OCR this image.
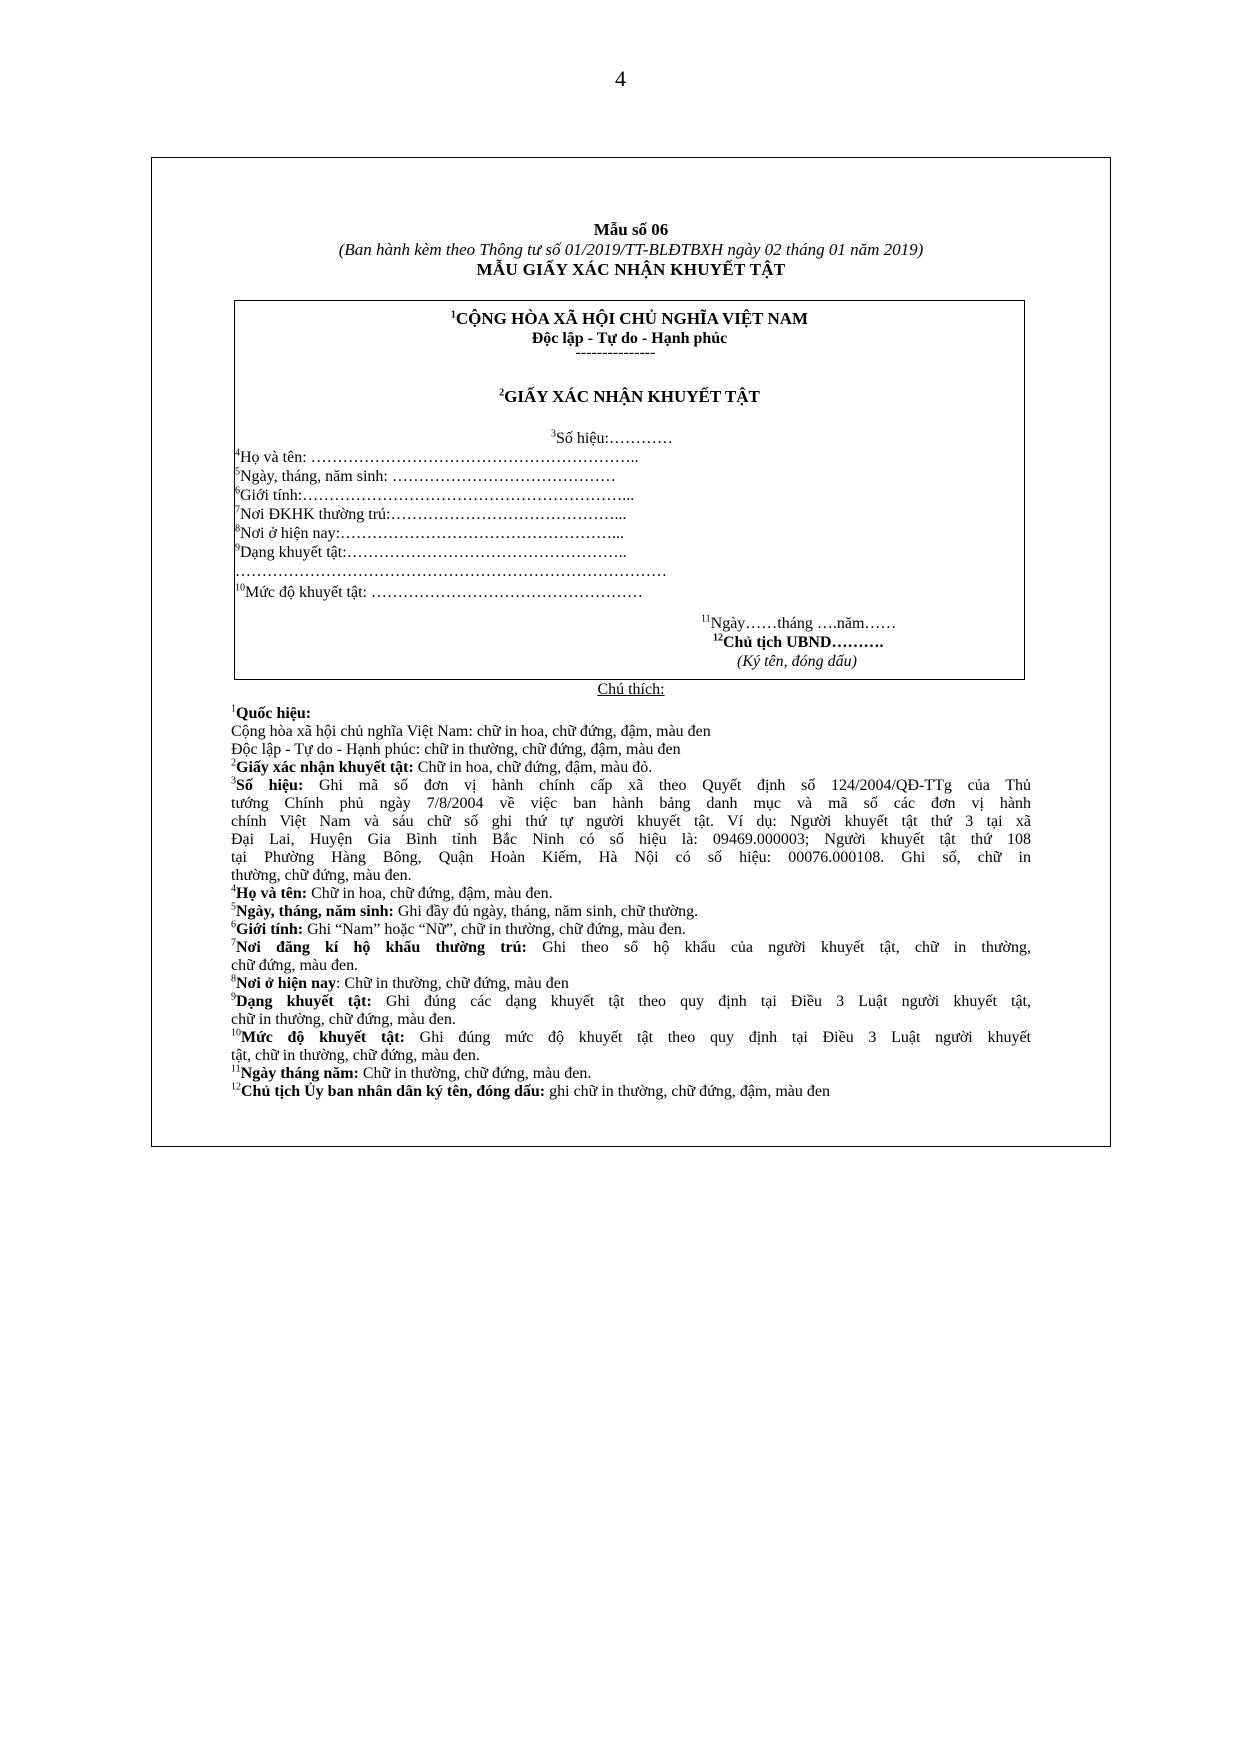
4
Mẫu số 06
(Ban hành kèm theo Thông tư số 01/2019/TT-BLĐTBXH ngày 02 tháng 01 năm 2019)
MẪU GIẤY XÁC NHẬN KHUYẾT TẬT
$^1$CỘNG HÒA XÃ HỘI CHỦ NGHĨA VIỆT NAM
Độc lập - Tự do - Hạnh phúc
---------------
$^2$GIẤY XÁC NHẬN KHUYẾT TẬT
$^3$Số hiệu:…………
$^4$Họ và tên: ……………………………………………………..
$^5$Ngày, tháng, năm sinh: ……………………………………
$^6$Giới tính:……………………………………………………...
$^7$Nơi ĐKHK thường trú:……………………………………...
$^8$Nơi ở hiện nay:……………………………………………...
$^9$Dạng khuyết tật:……………………………………………..
………………………………………………………………………
$^{10}$Mức độ khuyết tật: ……………………………………………
$^{11}$Ngày……tháng ….năm……
$^{12}$Chủ tịch UBND……….
(Ký tên, đóng dấu)
Chú thích:
$^1$Quốc hiệu:
Cộng hòa xã hội chủ nghĩa Việt Nam: chữ in hoa, chữ đứng, đậm, màu đen
Độc lập - Tự do - Hạnh phúc: chữ in thường, chữ đứng, đậm, màu đen
$^2$Giấy xác nhận khuyết tật: Chữ in hoa, chữ đứng, đậm, màu đỏ.
$^3$Số hiệu: Ghi mã số đơn vị hành chính cấp xã theo Quyết định số 124/2004/QĐ-TTg của Thủ
tướng Chính phủ ngày 7/8/2004 về việc ban hành bảng danh mục và mã số các đơn vị hành
chính Việt Nam và sáu chữ số ghi thứ tự người khuyết tật. Ví dụ: Người khuyết tật thứ 3 tại xã
Đại Lai, Huyện Gia Bình tỉnh Bắc Ninh có số hiệu là: 09469.000003; Người khuyết tật thứ 108
tại Phường Hàng Bông, Quận Hoàn Kiếm, Hà Nội có số hiệu: 00076.000108. Ghi số, chữ in
thường, chữ đứng, màu đen.
$^4$Họ và tên: Chữ in hoa, chữ đứng, đậm, màu đen.
$^5$Ngày, tháng, năm sinh: Ghi đầy đủ ngày, tháng, năm sinh, chữ thường.
$^6$Giới tính: Ghi “Nam” hoặc “Nữ”, chữ in thường, chữ đứng, màu đen.
$^7$Nơi đăng kí hộ khẩu thường trú: Ghi theo sổ hộ khẩu của người khuyết tật, chữ in thường,
chữ đứng, màu đen.
$^8$Nơi ở hiện nay: Chữ in thường, chữ đứng, màu đen
$^9$Dạng khuyết tật: Ghi đúng các dạng khuyết tật theo quy định tại Điều 3 Luật người khuyết tật,
chữ in thường, chữ đứng, màu đen.
$^{10}$Mức độ khuyết tật: Ghi đúng mức độ khuyết tật theo quy định tại Điều 3 Luật người khuyết
tật, chữ in thường, chữ đứng, màu đen.
$^{11}$Ngày tháng năm: Chữ in thường, chữ đứng, màu đen.
$^{12}$Chủ tịch Ủy ban nhân dân ký tên, đóng dấu: ghi chữ in thường, chữ đứng, đậm, màu đen
